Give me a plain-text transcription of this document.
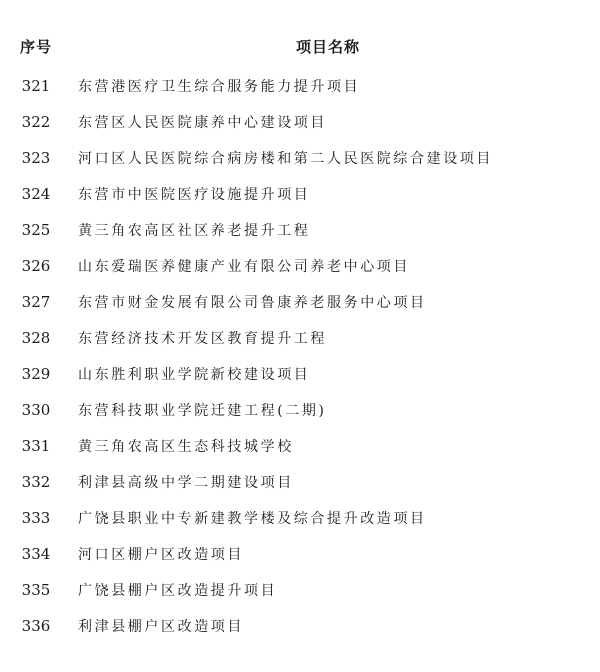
序号	项目名称
321	东营港医疗卫生综合服务能力提升项目
322	东营区人民医院康养中心建设项目
323	河口区人民医院综合病房楼和第二人民医院综合建设项目
324	东营市中医院医疗设施提升项目
325	黄三角农高区社区养老提升工程
326	山东爱瑞医养健康产业有限公司养老中心项目
327	东营市财金发展有限公司鲁康养老服务中心项目
328	东营经济技术开发区教育提升工程
329	山东胜利职业学院新校建设项目
330	东营科技职业学院迁建工程(二期)
331	黄三角农高区生态科技城学校
332	利津县高级中学二期建设项目
333	广饶县职业中专新建教学楼及综合提升改造项目
334	河口区棚户区改造项目
335	广饶县棚户区改造提升项目
336	利津县棚户区改造项目
